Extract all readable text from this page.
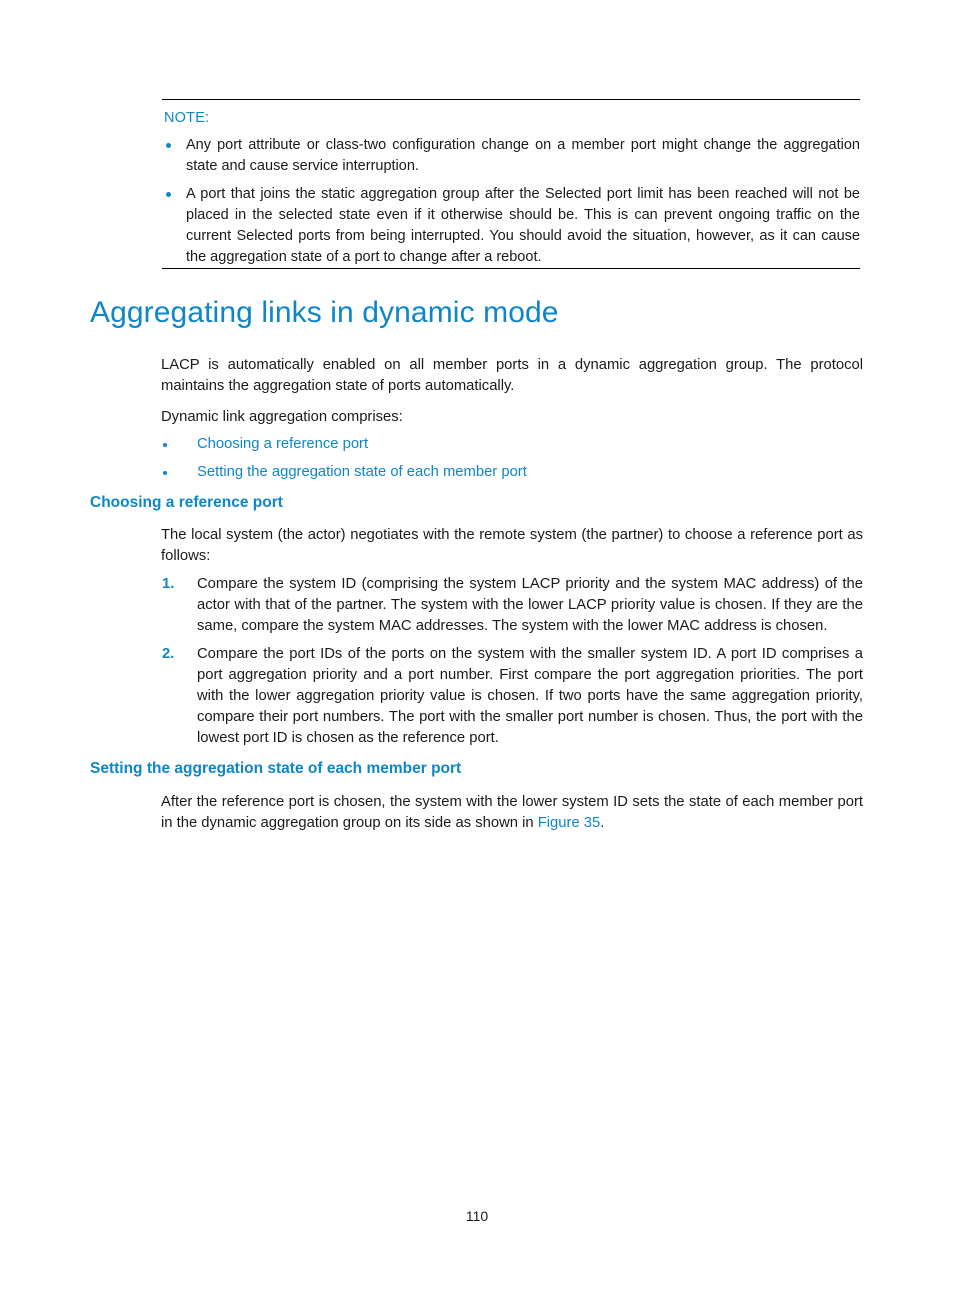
NOTE:

Any port attribute or class-two configuration change on a member port might change the aggregation state and cause service interruption.

A port that joins the static aggregation group after the Selected port limit has been reached will not be placed in the selected state even if it otherwise should be. This is can prevent ongoing traffic on the current Selected ports from being interrupted. You should avoid the situation, however, as it can cause the aggregation state of a port to change after a reboot.

Aggregating links in dynamic mode

LACP is automatically enabled on all member ports in a dynamic aggregation group. The protocol maintains the aggregation state of ports automatically.

Dynamic link aggregation comprises:

Choosing a reference port

Setting the aggregation state of each member port

Choosing a reference port

The local system (the actor) negotiates with the remote system (the partner) to choose a reference port as follows:

1. Compare the system ID (comprising the system LACP priority and the system MAC address) of the actor with that of the partner. The system with the lower LACP priority value is chosen. If they are the same, compare the system MAC addresses. The system with the lower MAC address is chosen.

2. Compare the port IDs of the ports on the system with the smaller system ID. A port ID comprises a port aggregation priority and a port number. First compare the port aggregation priorities. The port with the lower aggregation priority value is chosen. If two ports have the same aggregation priority, compare their port numbers. The port with the smaller port number is chosen. Thus, the port with the lowest port ID is chosen as the reference port.

Setting the aggregation state of each member port

After the reference port is chosen, the system with the lower system ID sets the state of each member port in the dynamic aggregation group on its side as shown in Figure 35.

110
